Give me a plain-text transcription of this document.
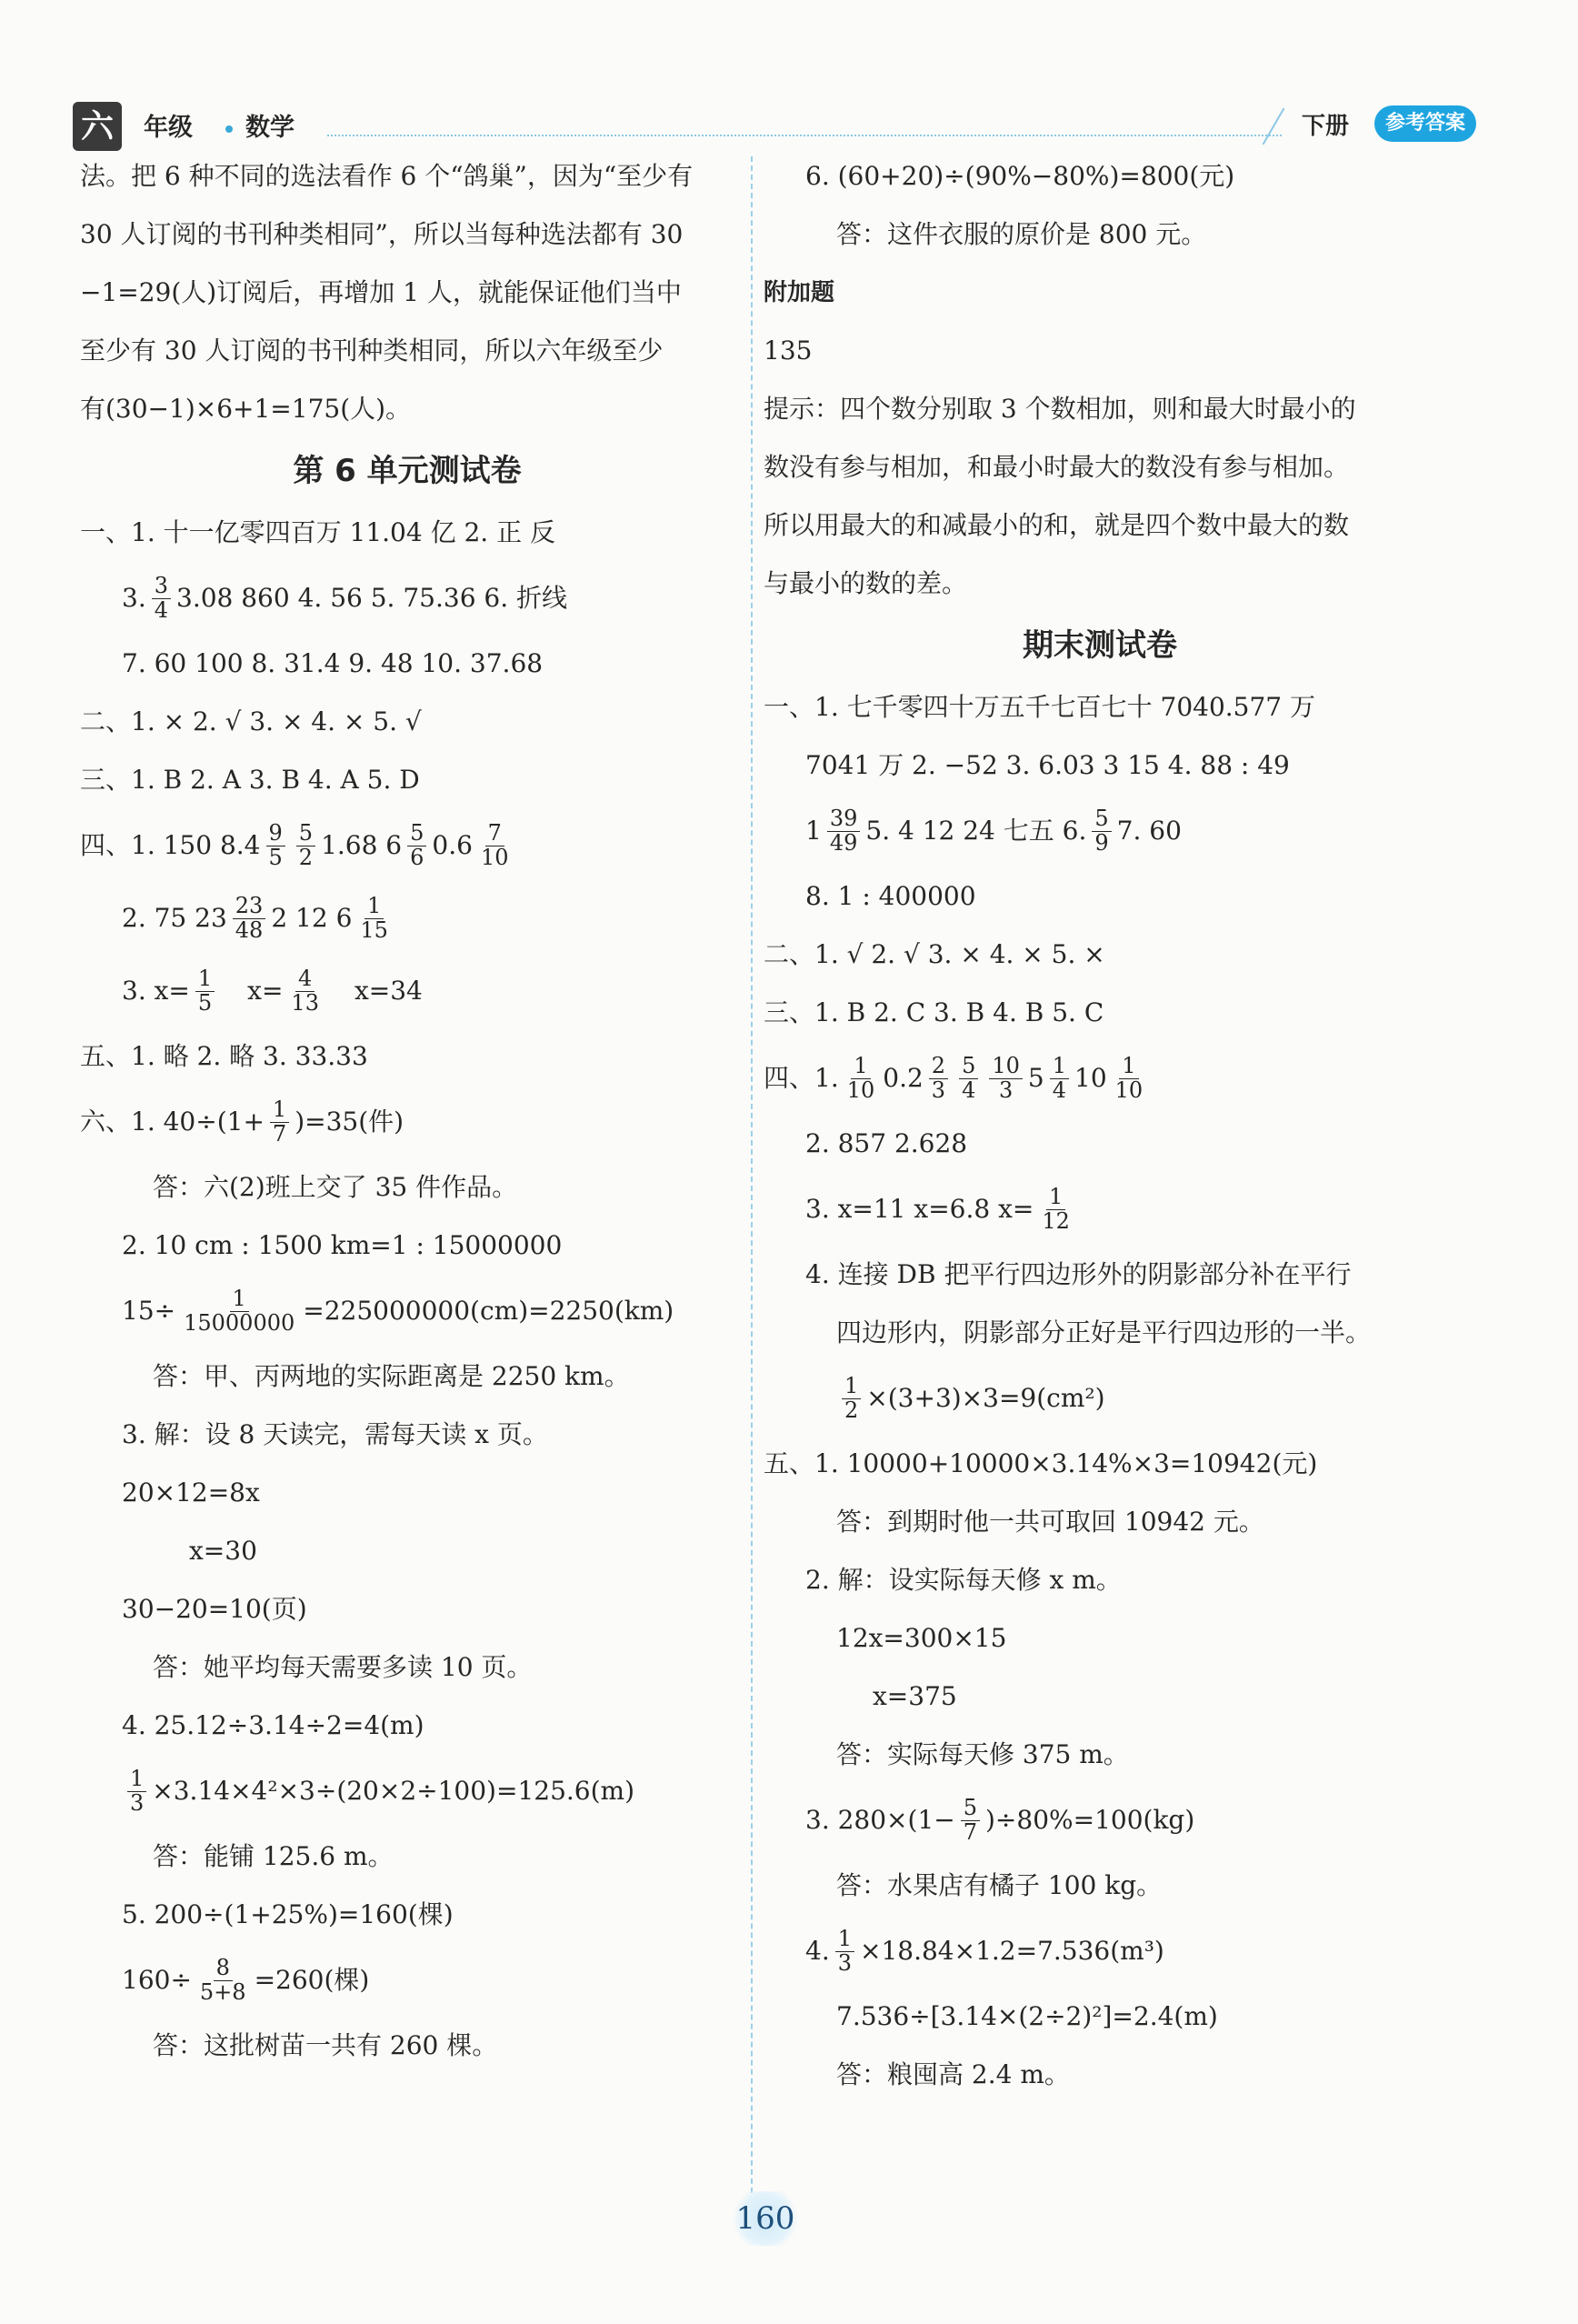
六	年级 数学	下册	参考答案
法。把 6 种不同的选法看作 6 个“鸽巢”，因为“至少有
30 人订阅的书刊种类相同”，所以当每种选法都有 30
−1=29(人)订阅后，再增加 1 人，就能保证他们当中
至少有 30 人订阅的书刊种类相同，所以六年级至少
有(30−1)×6+1=175(人)。
第 6 单元测试卷
一、1. 十一亿零四百万 11.04 亿 2. 正 反
3. $\frac{3}{4} 3.08$ 860 4. 56 5. 75.36 6. 折线
7. 60 100 8. 31.4 9. 48 10. 37.68
二、1. × 2. √ 3. × 4. × 5. √
三、1. B 2. A 3. B 4. A 5. D
四、1. 150 $8.4 \frac{9}{5} \frac{5}{2} 1.68$ $6 \frac{5}{6} 0.6 \frac{7}{10}$
2. 75 $23 \frac{23}{48} 2$ 12 $6 \frac{1}{15}$
3. $x= \frac{1}{5} x= \frac{4}{13} x=34$
五、1. 略 2. 略 3. 33.33
六、1. $40\div(1+ \frac{1}{7} )=35$(件)
答：六(2)班上交了 35 件作品。
2. 10 cm : 1500 km=1 : 15000000
$15\div \frac{1}{15000000} =225000000(cm)=2250(km)$
答：甲、丙两地的实际距离是 2250 km。
3. 解：设 8 天读完，需每天读 x 页。
20×12=8x
x=30
30−20=10(页)
答：她平均每天需要多读 10 页。
4. 25.12÷3.14÷2=4(m)
$\frac{1}{3} \times 3.14\times 4^2\times 3\div(20\times 2\div 100)=125.6(m)$
答：能铺 125.6 m。
5. 200÷(1+25%)=160(棵)
$160\div \frac{8}{5+8} =260$(棵)
答：这批树苗一共有 260 棵。
6. (60+20)÷(90%−80%)=800(元)
答：这件衣服的原价是 800 元。
附加题
135
提示：四个数分别取 3 个数相加，则和最大时最小的
数没有参与相加，和最小时最大的数没有参与相加。
所以用最大的和减最小的和，就是四个数中最大的数
与最小的数的差。
期末测试卷
一、1. 七千零四十万五千七百七十 7040.577 万
7041 万 2. −52 3. 6.03 3 15 4. 88 : 49
$1 \frac{39}{49} 5$. 4 12 24 七五 6. $\frac{5}{9} 7$. 60
8. 1 : 400000
二、1. √ 2. √ 3. × 4. × 5. ×
三、1. B 2. C 3. B 4. B 5. C
四、1. $\frac{1}{10} 0.2 \frac{2}{3} \frac{5}{4} \frac{10}{3} 5 \frac{1}{4} 10 \frac{1}{10}$
2. 857 2.628
3. x=11 x=6.8 $x= \frac{1}{12}$
4. 连接 DB 把平行四边形外的阴影部分补在平行
四边形内，阴影部分正好是平行四边形的一半。
$\frac{1}{2} \times(3+3)\times 3=9(cm^2)$
五、1. 10000+10000×3.14%×3=10942(元)
答：到期时他一共可取回 10942 元。
2. 解：设实际每天修 x m。
12x=300×15
x=375
答：实际每天修 375 m。
3. $280\times(1- \frac{5}{7} )\div 80\%=100(kg)$
答：水果店有橘子 100 kg。
4. $\frac{1}{3} \times 18.84\times 1.2=7.536(m^3)$
7.536÷[3.14×(2÷2)²]=2.4(m)
答：粮囤高 2.4 m。
160
